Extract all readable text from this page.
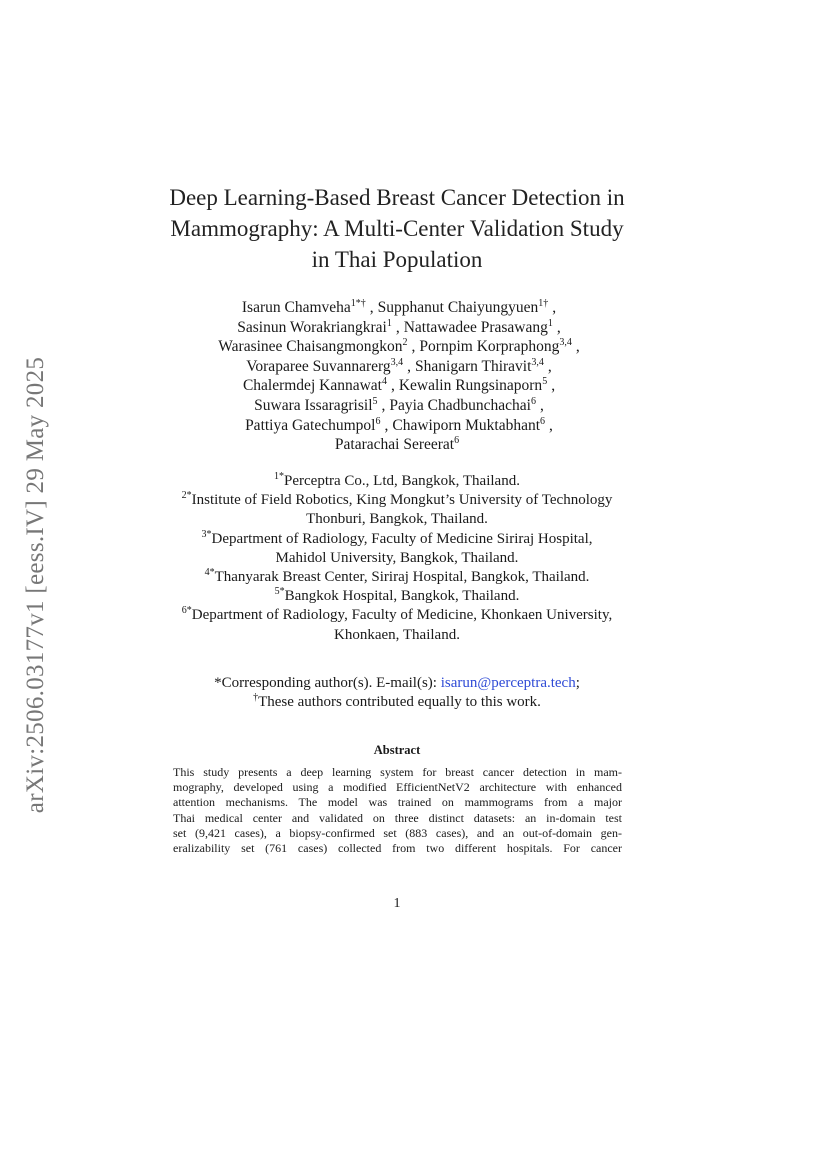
arXiv:2506.03177v1 [eess.IV] 29 May 2025
Deep Learning-Based Breast Cancer Detection in
Mammography: A Multi-Center Validation Study
in Thai Population
Isarun Chamveha$^{1*\dagger}$ , Supphanut Chaiyungyuen$^{1\dagger}$ ,
Sasinun Worakriangkrai$^1$ , Nattawadee Prasawang$^1$ ,
Warasinee Chaisangmongkon$^2$ , Pornpim Korpraphong$^{3,4}$ ,
Voraparee Suvannarerg$^{3,4}$ , Shanigarn Thiravit$^{3,4}$ ,
Chalermdej Kannawat$^4$ , Kewalin Rungsinaporn$^5$ ,
Suwara Issaragrisil$^5$ , Payia Chadbunchachai$^6$ ,
Pattiya Gatechumpol$^6$ , Chawiporn Muktabhant$^6$ ,
Patarachai Sereerat$^6$
$^{1*}$Perceptra Co., Ltd, Bangkok, Thailand.
$^{2*}$Institute of Field Robotics, King Mongkut’s University of Technology
Thonburi, Bangkok, Thailand.
$^{3*}$Department of Radiology, Faculty of Medicine Siriraj Hospital,
Mahidol University, Bangkok, Thailand.
$^{4*}$Thanyarak Breast Center, Siriraj Hospital, Bangkok, Thailand.
$^{5*}$Bangkok Hospital, Bangkok, Thailand.
$^{6*}$Department of Radiology, Faculty of Medicine, Khonkaen University,
Khonkaen, Thailand.
*Corresponding author(s). E-mail(s): isarun@perceptra.tech;
†These authors contributed equally to this work.
Abstract
This study presents a deep learning system for breast cancer detection in mam-
mography, developed using a modified EfficientNetV2 architecture with enhanced
attention mechanisms. The model was trained on mammograms from a major
Thai medical center and validated on three distinct datasets: an in-domain test
set (9,421 cases), a biopsy-confirmed set (883 cases), and an out-of-domain gen-
eralizability set (761 cases) collected from two different hospitals. For cancer
1
